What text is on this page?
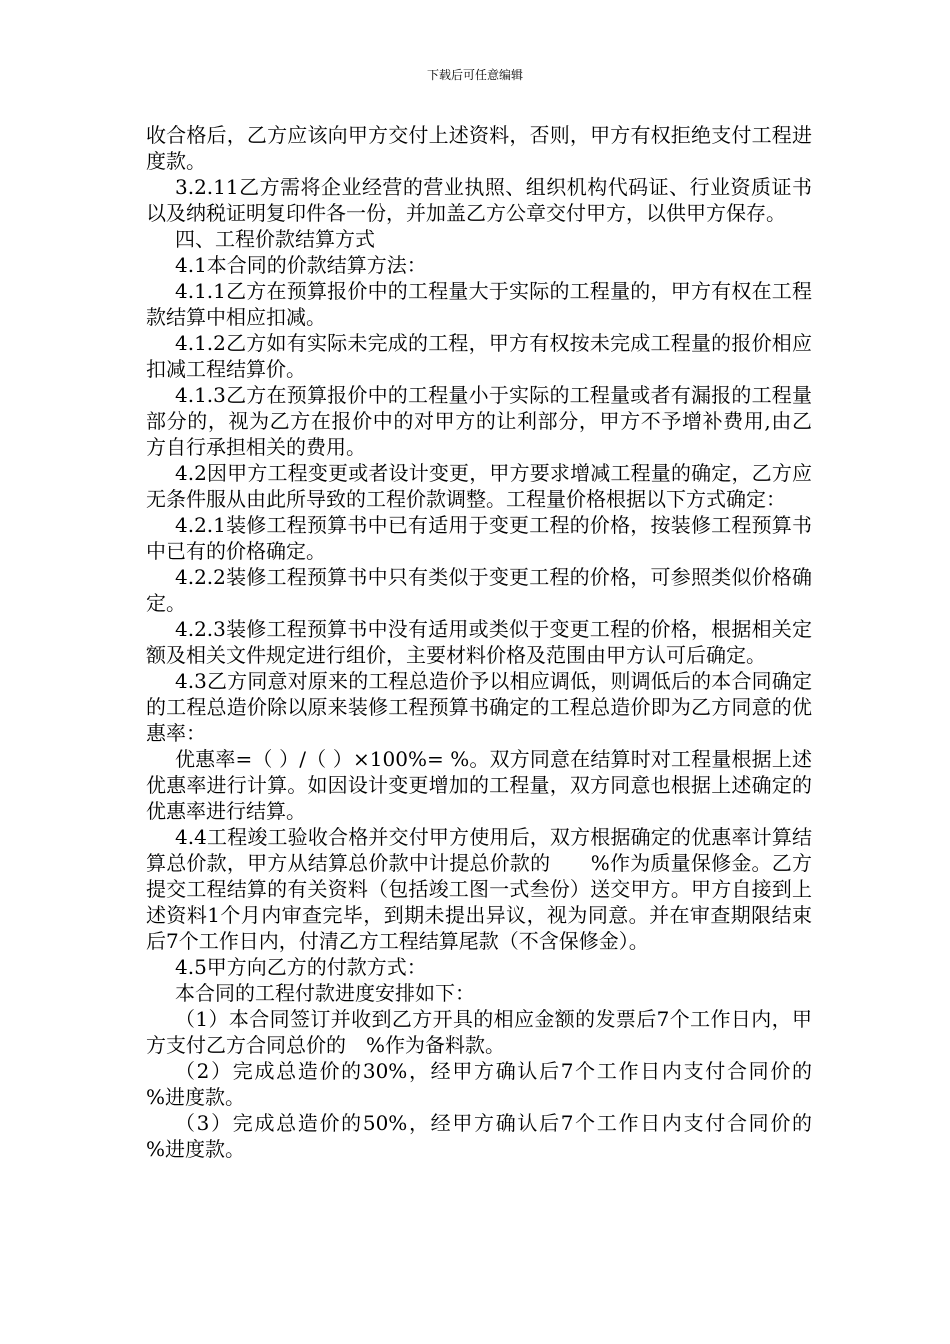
下载后可任意编辑

收合格后，乙方应该向甲方交付上述资料，否则，甲方有权拒绝支付工程进度款。

3.2.11乙方需将企业经营的营业执照、组织机构代码证、行业资质证书以及纳税证明复印件各一份，并加盖乙方公章交付甲方，以供甲方保存。

四、工程价款结算方式

4.1本合同的价款结算方法：

4.1.1乙方在预算报价中的工程量大于实际的工程量的，甲方有权在工程款结算中相应扣减。

4.1.2乙方如有实际未完成的工程，甲方有权按未完成工程量的报价相应扣减工程结算价。

4.1.3乙方在预算报价中的工程量小于实际的工程量或者有漏报的工程量部分的，视为乙方在报价中的对甲方的让利部分，甲方不予增补费用,由乙方自行承担相关的费用。

4.2因甲方工程变更或者设计变更，甲方要求增减工程量的确定，乙方应无条件服从由此所导致的工程价款调整。工程量价格根据以下方式确定：

4.2.1装修工程预算书中已有适用于变更工程的价格，按装修工程预算书中已有的价格确定。

4.2.2装修工程预算书中只有类似于变更工程的价格，可参照类似价格确定。

4.2.3装修工程预算书中没有适用或类似于变更工程的价格，根据相关定额及相关文件规定进行组价，主要材料价格及范围由甲方认可后确定。

4.3乙方同意对原来的工程总造价予以相应调低，则调低后的本合同确定的工程总造价除以原来装修工程预算书确定的工程总造价即为乙方同意的优惠率：

优惠率=（ ）/（ ）×100%= %。双方同意在结算时对工程量根据上述优惠率进行计算。如因设计变更增加的工程量，双方同意也根据上述确定的优惠率进行结算。

4.4工程竣工验收合格并交付甲方使用后，双方根据确定的优惠率计算结算总价款，甲方从结算总价款中计提总价款的　　%作为质量保修金。乙方提交工程结算的有关资料（包括竣工图一式叁份）送交甲方。甲方自接到上述资料1个月内审查完毕，到期未提出异议，视为同意。并在审查期限结束后7个工作日内，付清乙方工程结算尾款（不含保修金）。

4.5甲方向乙方的付款方式：

本合同的工程付款进度安排如下：

（1）本合同签订并收到乙方开具的相应金额的发票后7个工作日内，甲方支付乙方合同总价的　%作为备料款。

（2）完成总造价的30%，经甲方确认后7个工作日内支付合同价的　　%进度款。

（3）完成总造价的50%，经甲方确认后7个工作日内支付合同价的　　%进度款。
